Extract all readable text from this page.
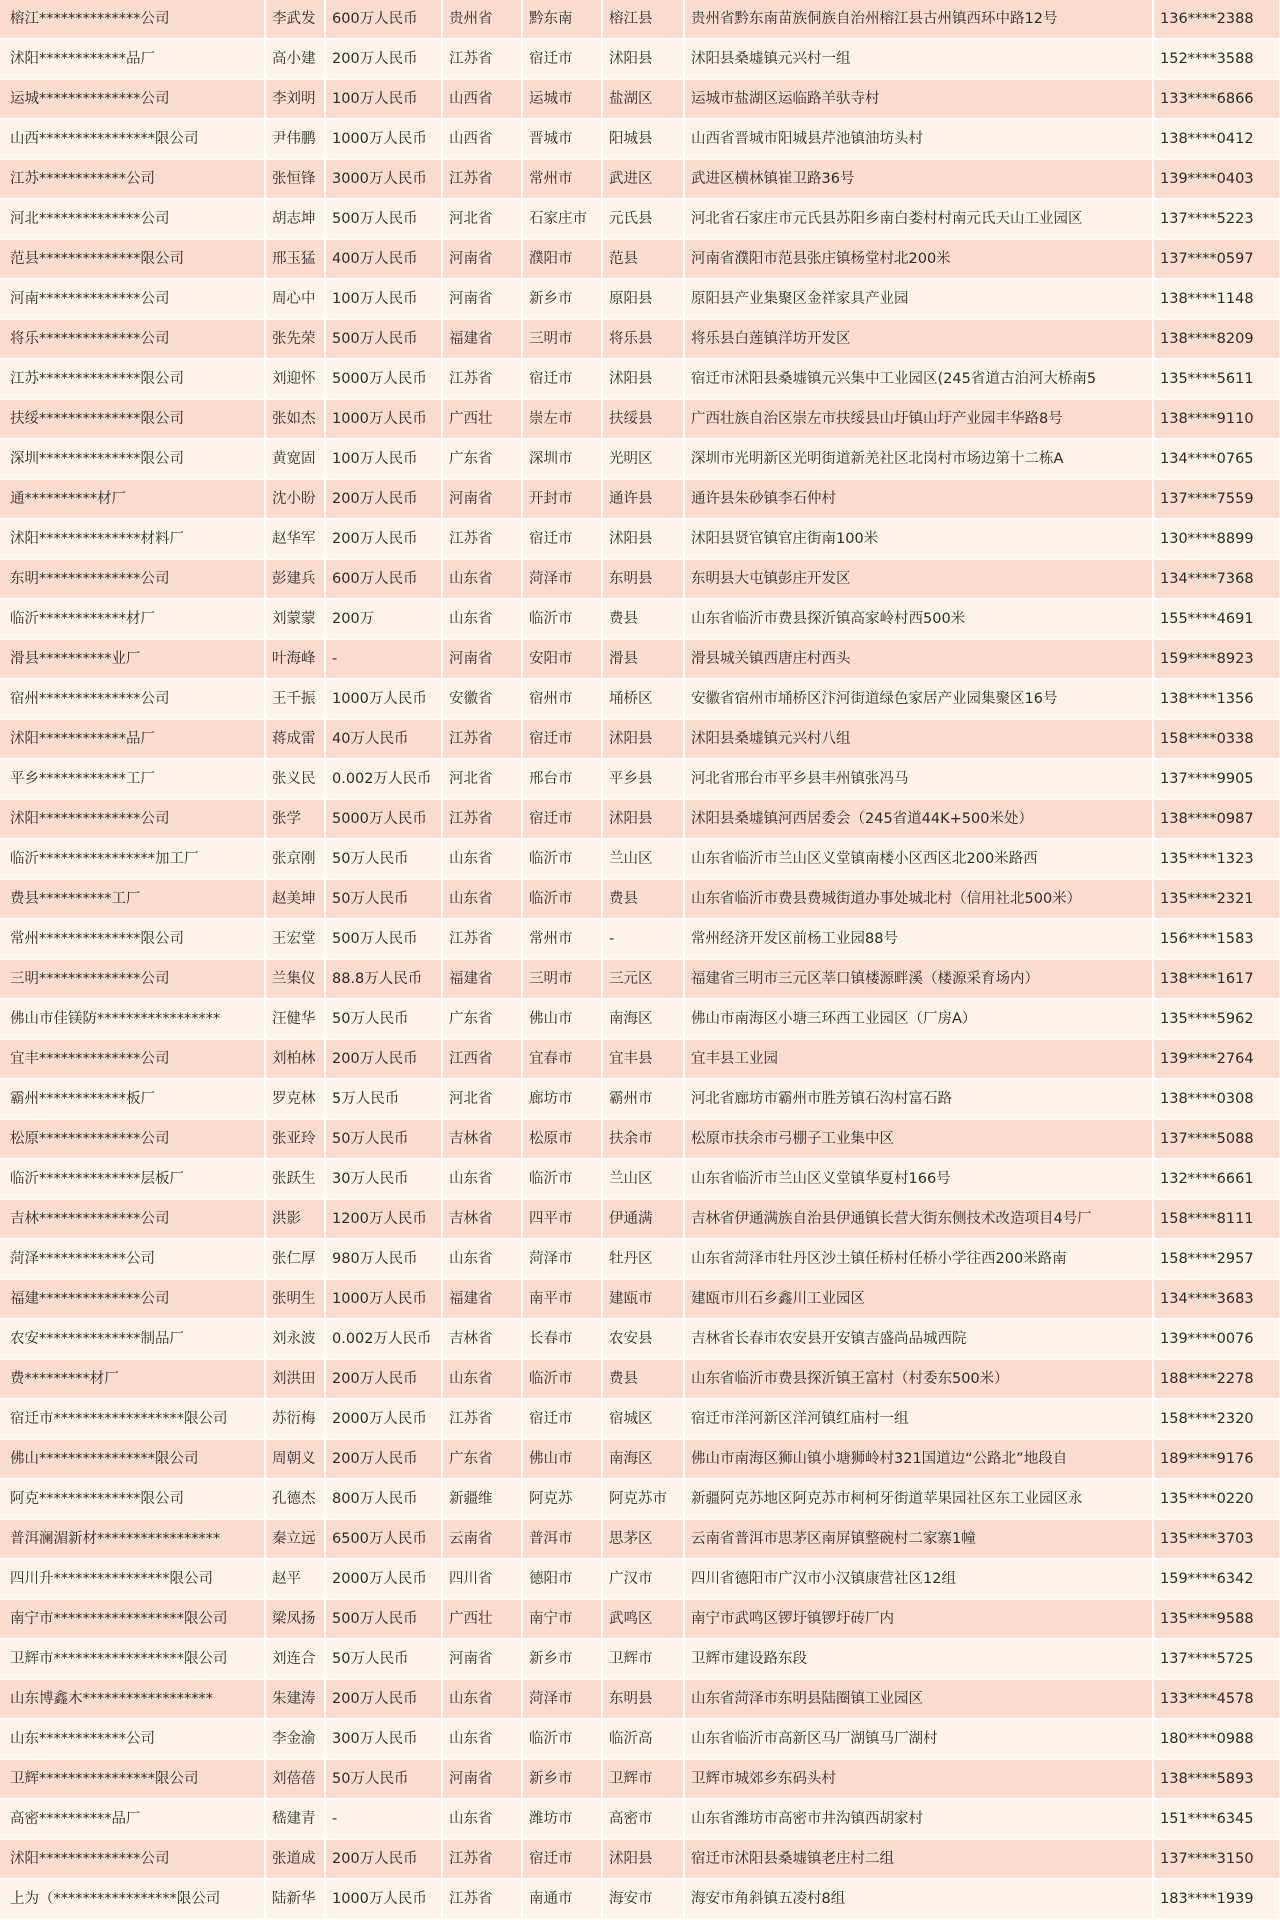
榕江**************公司	李武发	600万人民币	贵州省	黔东南	榕江县	贵州省黔东南苗族侗族自治州榕江县古州镇西环中路12号	136****2388
沭阳************品厂	高小建	200万人民币	江苏省	宿迁市	沭阳县	沭阳县桑墟镇元兴村一组	152****3588
运城**************公司	李刘明	100万人民币	山西省	运城市	盐湖区	运城市盐湖区运临路羊驮寺村	133****6866
山西****************限公司	尹伟鹏	1000万人民币	山西省	晋城市	阳城县	山西省晋城市阳城县芹池镇油坊头村	138****0412
江苏************公司	张恒锋	3000万人民币	江苏省	常州市	武进区	武进区横林镇崔卫路36号	139****0403
河北**************公司	胡志坤	500万人民币	河北省	石家庄市	元氏县	河北省石家庄市元氏县苏阳乡南白娄村村南元氏天山工业园区	137****5223
范县**************限公司	邢玉猛	400万人民币	河南省	濮阳市	范县	河南省濮阳市范县张庄镇杨堂村北200米	137****0597
河南**************公司	周心中	100万人民币	河南省	新乡市	原阳县	原阳县产业集聚区金祥家具产业园	138****1148
将乐**************公司	张先荣	500万人民币	福建省	三明市	将乐县	将乐县白莲镇洋坊开发区	138****8209
江苏**************限公司	刘迎怀	5000万人民币	江苏省	宿迁市	沭阳县	宿迁市沭阳县桑墟镇元兴集中工业园区(245省道古泊河大桥南5	135****5611
扶绥**************限公司	张如杰	1000万人民币	广西壮	崇左市	扶绥县	广西壮族自治区崇左市扶绥县山圩镇山圩产业园丰华路8号	138****9110
深圳**************限公司	黄宽固	100万人民币	广东省	深圳市	光明区	深圳市光明新区光明街道新羌社区北岗村市场边第十二栋A	134****0765
通**********材厂	沈小盼	200万人民币	河南省	开封市	通许县	通许县朱砂镇李石仲村	137****7559
沭阳**************材料厂	赵华军	200万人民币	江苏省	宿迁市	沭阳县	沭阳县贤官镇官庄街南100米	130****8899
东明**************公司	彭建兵	600万人民币	山东省	菏泽市	东明县	东明县大屯镇彭庄开发区	134****7368
临沂************材厂	刘蒙蒙	200万	山东省	临沂市	费县	山东省临沂市费县探沂镇高家岭村西500米	155****4691
滑县**********业厂	叶海峰	-	河南省	安阳市	滑县	滑县城关镇西唐庄村西头	159****8923
宿州**************公司	王千振	1000万人民币	安徽省	宿州市	埇桥区	安徽省宿州市埇桥区汴河街道绿色家居产业园集聚区16号	138****1356
沭阳************品厂	蒋成雷	40万人民币	江苏省	宿迁市	沭阳县	沭阳县桑墟镇元兴村八组	158****0338
平乡************工厂	张义民	0.002万人民币	河北省	邢台市	平乡县	河北省邢台市平乡县丰州镇张冯马	137****9905
沭阳**************公司	张学	5000万人民币	江苏省	宿迁市	沭阳县	沭阳县桑墟镇河西居委会（245省道44K+500米处）	138****0987
临沂****************加工厂	张京刚	50万人民币	山东省	临沂市	兰山区	山东省临沂市兰山区义堂镇南楼小区西区北200米路西	135****1323
费县**********工厂	赵美坤	50万人民币	山东省	临沂市	费县	山东省临沂市费县费城街道办事处城北村（信用社北500米）	135****2321
常州**************限公司	王宏堂	500万人民币	江苏省	常州市	-	常州经济开发区前杨工业园88号	156****1583
三明**************公司	兰集仪	88.8万人民币	福建省	三明市	三元区	福建省三明市三元区莘口镇楼源畔溪（楼源采育场内）	138****1617
佛山市佳镁防*****************	汪健华	50万人民币	广东省	佛山市	南海区	佛山市南海区小塘三环西工业园区（厂房A）	135****5962
宜丰**************公司	刘柏林	200万人民币	江西省	宜春市	宜丰县	宜丰县工业园	139****2764
霸州************板厂	罗克林	5万人民币	河北省	廊坊市	霸州市	河北省廊坊市霸州市胜芳镇石沟村富石路	138****0308
松原**************公司	张亚玲	50万人民币	吉林省	松原市	扶余市	松原市扶余市弓棚子工业集中区	137****5088
临沂**************层板厂	张跃生	30万人民币	山东省	临沂市	兰山区	山东省临沂市兰山区义堂镇华夏村166号	132****6661
吉林**************公司	洪影	1200万人民币	吉林省	四平市	伊通满	吉林省伊通满族自治县伊通镇长营大街东侧技术改造项目4号厂	158****8111
菏泽************公司	张仁厚	980万人民币	山东省	菏泽市	牡丹区	山东省菏泽市牡丹区沙土镇任桥村任桥小学往西200米路南	158****2957
福建**************公司	张明生	1000万人民币	福建省	南平市	建瓯市	建瓯市川石乡鑫川工业园区	134****3683
农安**************制品厂	刘永波	0.002万人民币	吉林省	长春市	农安县	吉林省长春市农安县开安镇吉盛尚品城西院	139****0076
费*********材厂	刘洪田	200万人民币	山东省	临沂市	费县	山东省临沂市费县探沂镇王富村（村委东500米）	188****2278
宿迁市******************限公司	苏衍梅	2000万人民币	江苏省	宿迁市	宿城区	宿迁市洋河新区洋河镇红庙村一组	158****2320
佛山****************限公司	周朝义	200万人民币	广东省	佛山市	南海区	佛山市南海区狮山镇小塘狮岭村321国道边“公路北”地段自	189****9176
阿克**************限公司	孔德杰	800万人民币	新疆维	阿克苏	阿克苏市	新疆阿克苏地区阿克苏市柯柯牙街道苹果园社区东工业园区永	135****0220
普洱澜湄新材*****************	秦立远	6500万人民币	云南省	普洱市	思茅区	云南省普洱市思茅区南屏镇整碗村二家寨1幢	135****3703
四川升****************限公司	赵平	2000万人民币	四川省	德阳市	广汉市	四川省德阳市广汉市小汉镇康营社区12组	159****6342
南宁市******************限公司	梁凤扬	500万人民币	广西壮	南宁市	武鸣区	南宁市武鸣区锣圩镇锣圩砖厂内	135****9588
卫辉市******************限公司	刘连合	50万人民币	河南省	新乡市	卫辉市	卫辉市建设路东段	137****5725
山东博鑫木******************	朱建涛	200万人民币	山东省	菏泽市	东明县	山东省菏泽市东明县陆圈镇工业园区	133****4578
山东************公司	李金渝	300万人民币	山东省	临沂市	临沂高	山东省临沂市高新区马厂湖镇马厂湖村	180****0988
卫辉****************限公司	刘蓓蓓	50万人民币	河南省	新乡市	卫辉市	卫辉市城郊乡东码头村	138****5893
高密**********品厂	嵇建青	-	山东省	潍坊市	高密市	山东省潍坊市高密市井沟镇西胡家村	151****6345
沭阳**************公司	张道成	200万人民币	江苏省	宿迁市	沭阳县	宿迁市沭阳县桑墟镇老庄村二组	137****3150
上为（*****************限公司	陆新华	1000万人民币	江苏省	南通市	海安市	海安市角斜镇五凌村8组	183****1939
